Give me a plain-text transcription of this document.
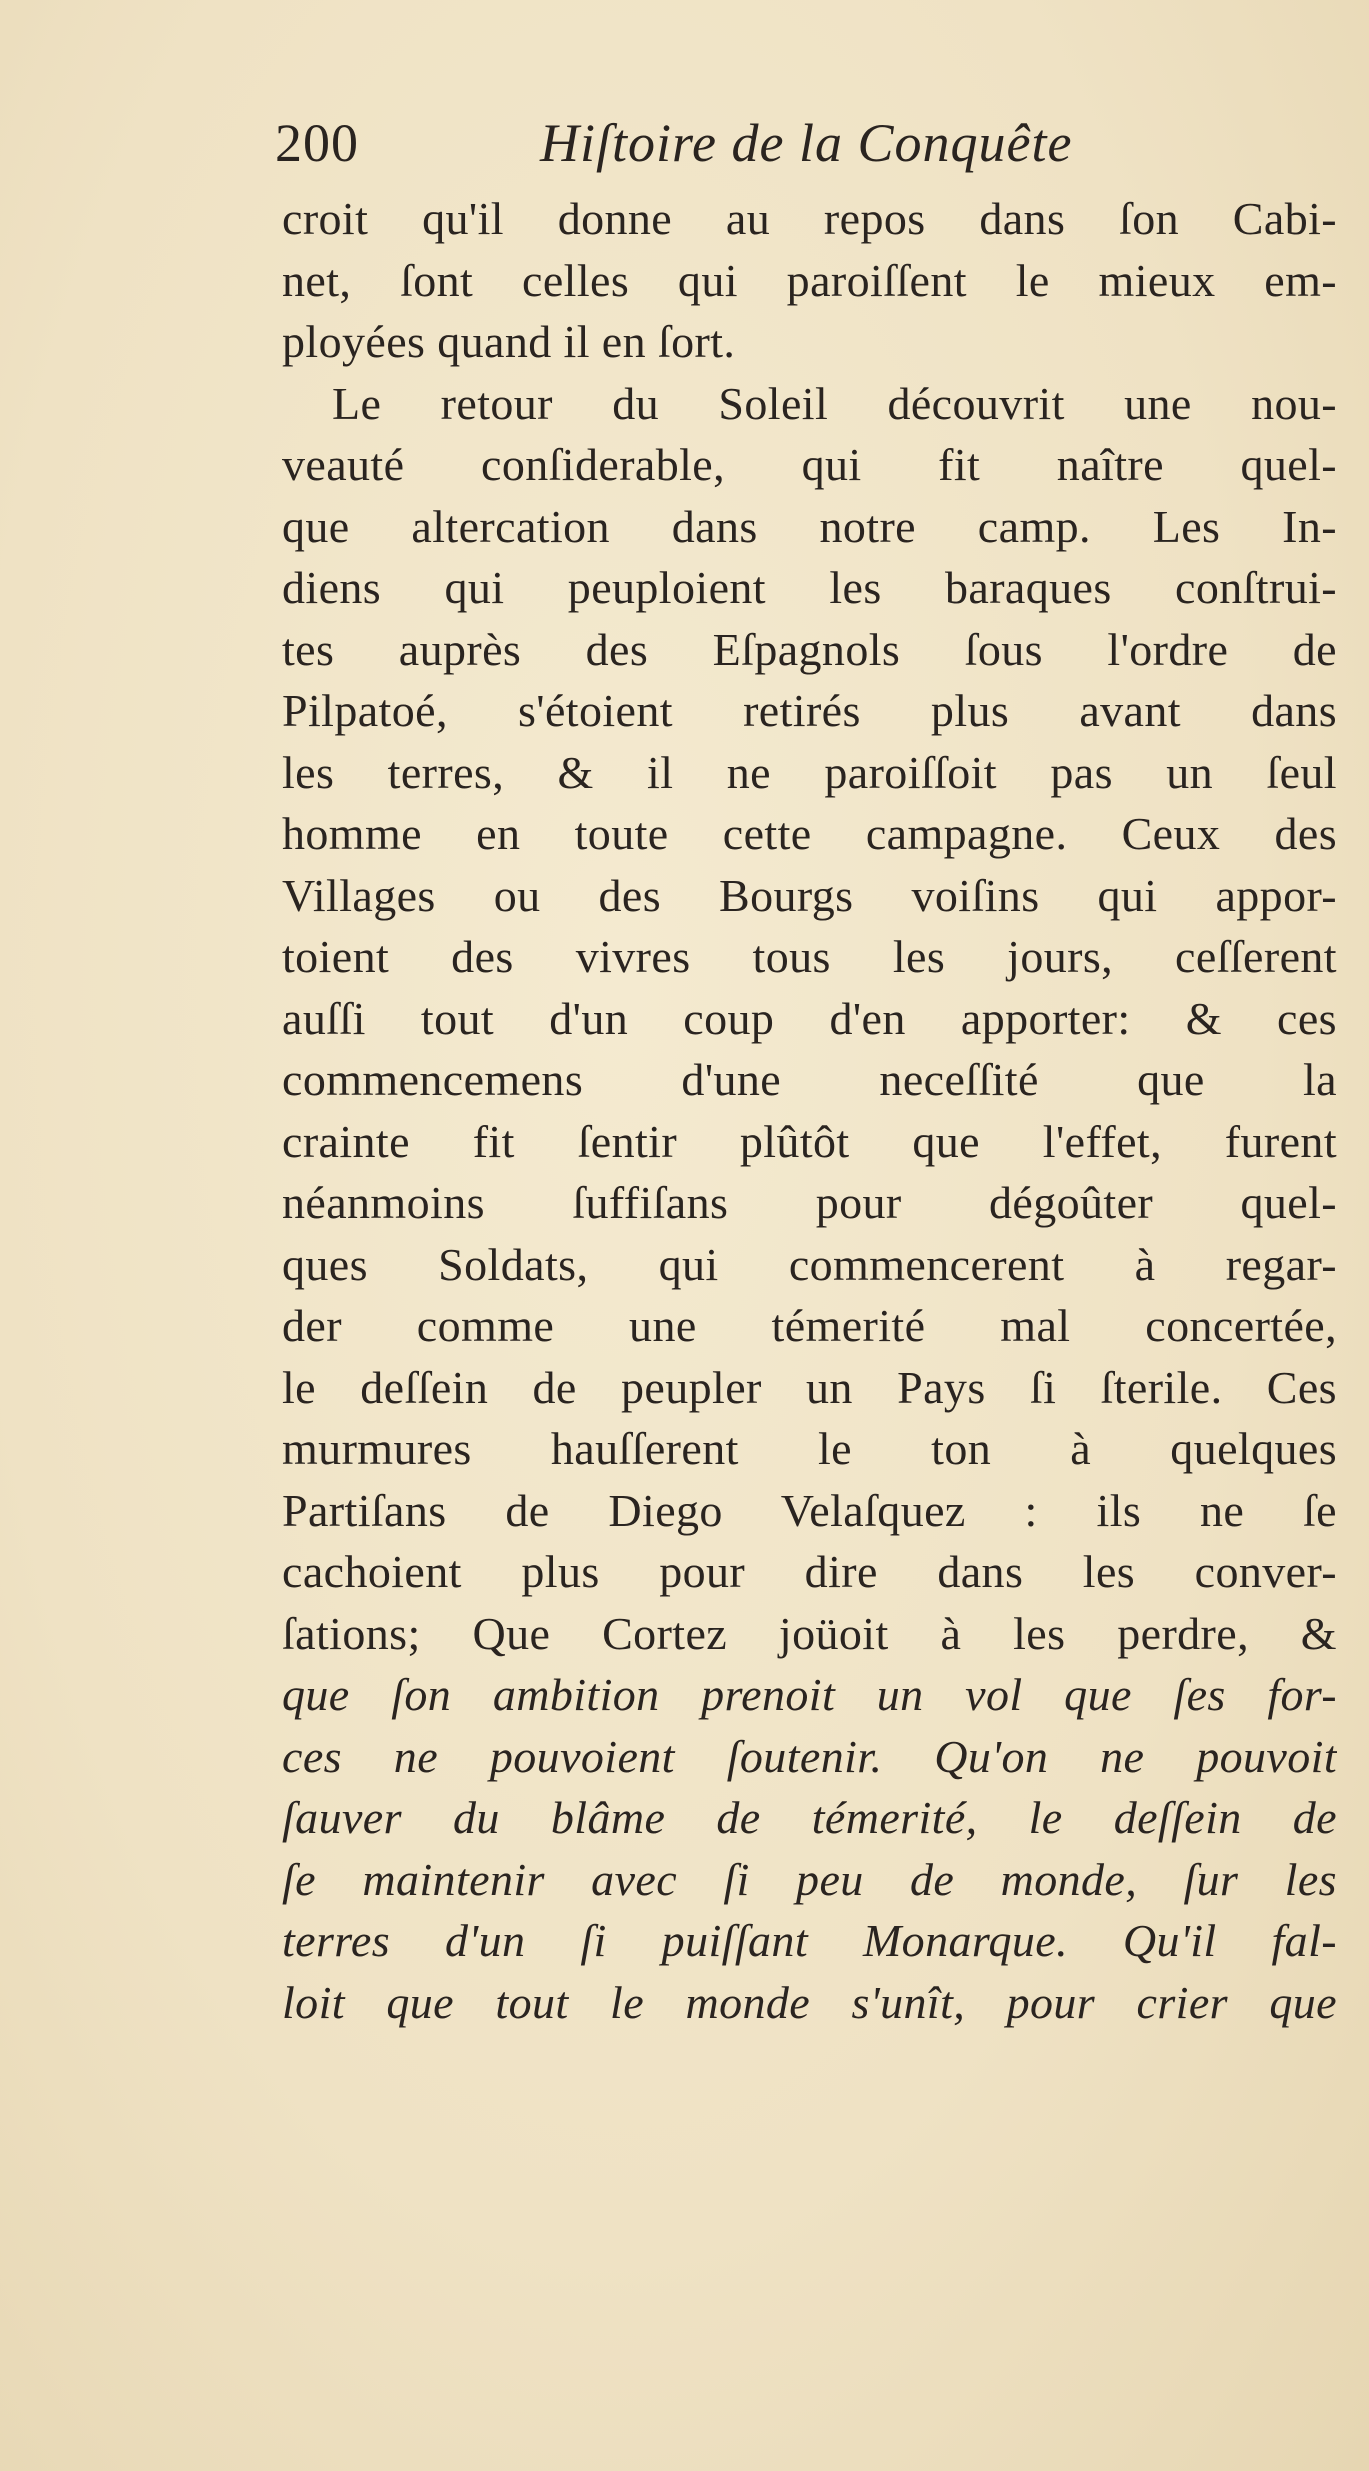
200	Hiſtoire de la Conquête
croit qu'il donne au repos dans ſon Cabi-
net, ſont celles qui paroiſſent le mieux em-
ployées quand il en ſort.
Le retour du Soleil découvrit une nou-
veauté conſiderable, qui fit naître quel-
que altercation dans notre camp. Les In-
diens qui peuploient les baraques conſtrui-
tes auprès des Eſpagnols ſous l'ordre de
Pilpatoé, s'étoient retirés plus avant dans
les terres, & il ne paroiſſoit pas un ſeul
homme en toute cette campagne. Ceux des
Villages ou des Bourgs voiſins qui appor-
toient des vivres tous les jours, ceſſerent
auſſi tout d'un coup d'en apporter: & ces
commencemens d'une neceſſité que la
crainte fit ſentir plûtôt que l'effet, furent
néanmoins ſuffiſans pour dégoûter quel-
ques Soldats, qui commencerent à regar-
der comme une témerité mal concertée,
le deſſein de peupler un Pays ſi ſterile. Ces
murmures hauſſerent le ton à quelques
Partiſans de Diego Velaſquez : ils ne ſe
cachoient plus pour dire dans les conver-
ſations; Que Cortez joüoit à les perdre, &
que ſon ambition prenoit un vol que ſes for-
ces ne pouvoient ſoutenir. Qu'on ne pouvoit
ſauver du blâme de témerité, le deſſein de
ſe maintenir avec ſi peu de monde, ſur les
terres d'un ſi puiſſant Monarque. Qu'il fal-
loit que tout le monde s'unît, pour crier que
